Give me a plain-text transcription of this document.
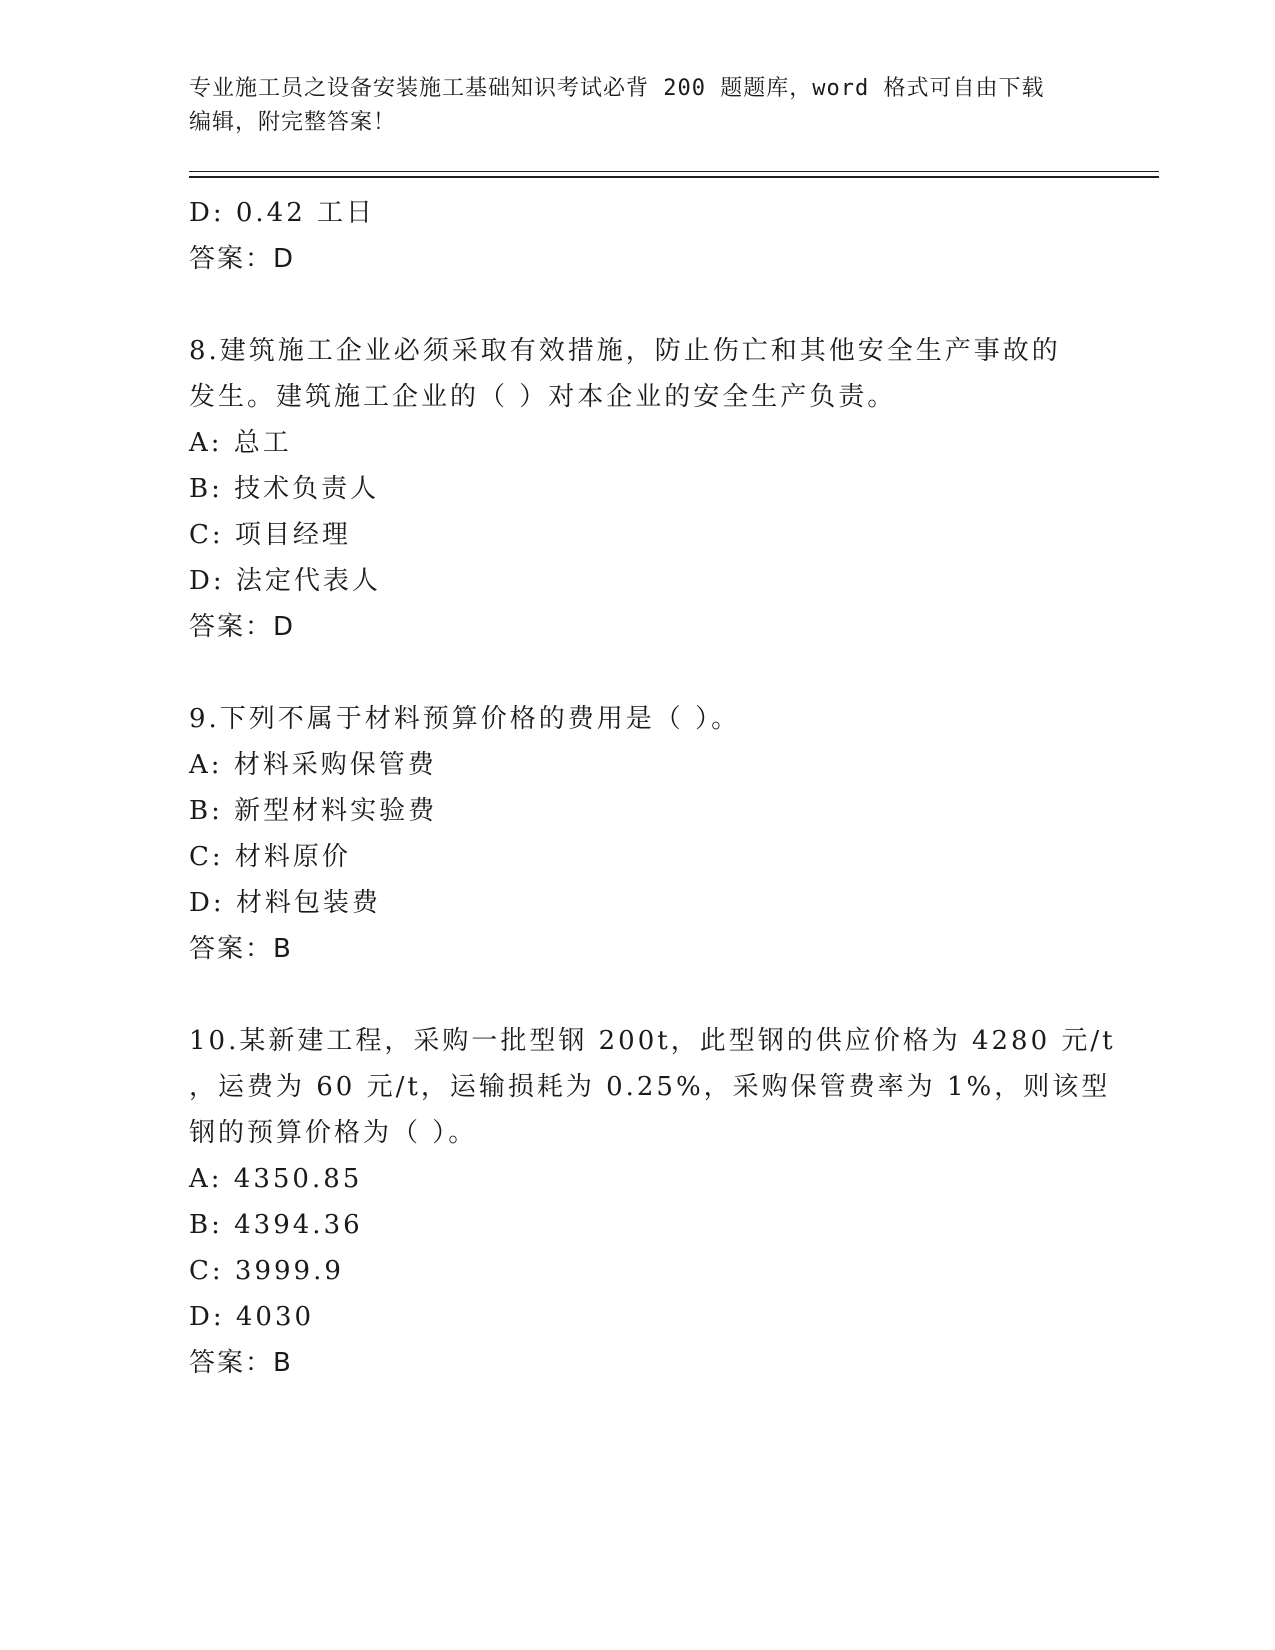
专业施工员之设备安装施工基础知识考试必背 200 题题库，word 格式可自由下载
编辑，附完整答案！
D: 0.42 工日
答案：D
8.建筑施工企业必须采取有效措施，防止伤亡和其他安全生产事故的
发生。建筑施工企业的（ ）对本企业的安全生产负责。
A: 总工
B: 技术负责人
C: 项目经理
D: 法定代表人
答案：D
9.下列不属于材料预算价格的费用是（ ）。
A: 材料采购保管费
B: 新型材料实验费
C: 材料原价
D: 材料包装费
答案：B
10.某新建工程，采购一批型钢 200t，此型钢的供应价格为 4280 元/t
，运费为 60 元/t，运输损耗为 0.25%，采购保管费率为 1%，则该型
钢的预算价格为（ ）。
A: 4350.85
B: 4394.36
C: 3999.9
D: 4030
答案：B
